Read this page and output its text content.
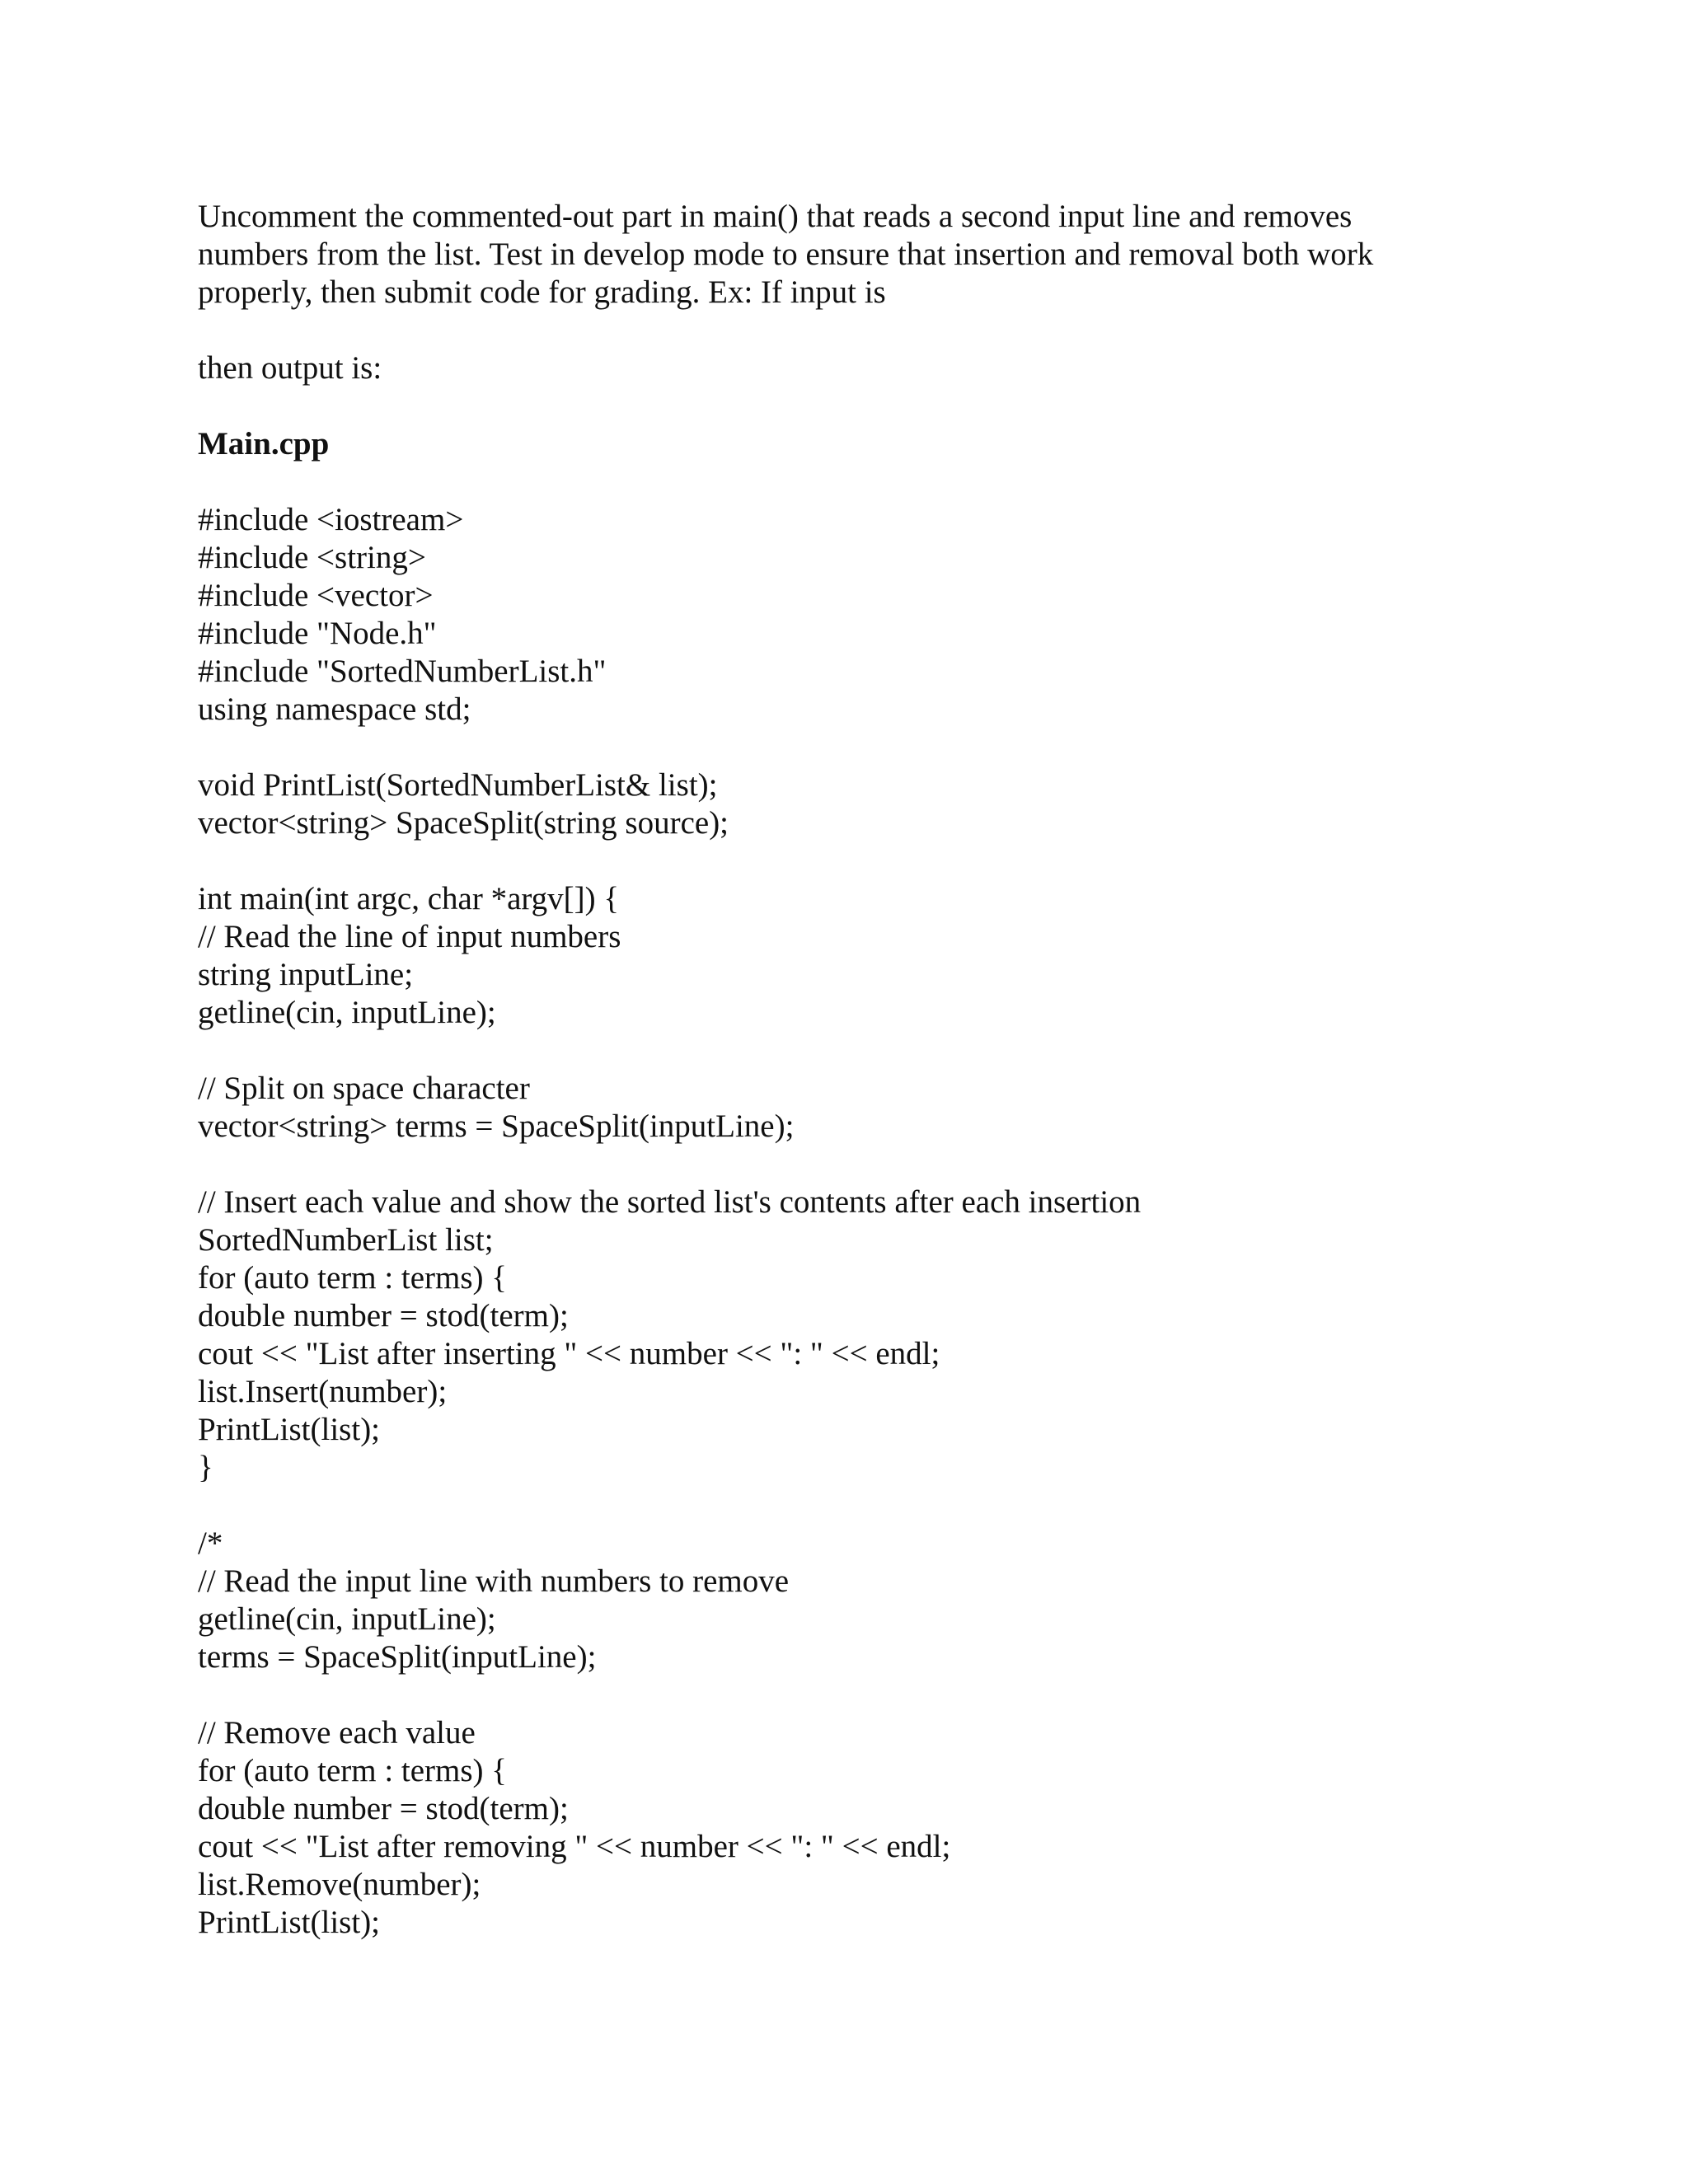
Uncomment the commented-out part in main() that reads a second input line and removes
numbers from the list. Test in develop mode to ensure that insertion and removal both work
properly, then submit code for grading. Ex: If input is
then output is:
Main.cpp
#include <iostream>
#include <string>
#include <vector>
#include "Node.h"
#include "SortedNumberList.h"
using namespace std;
void PrintList(SortedNumberList& list);
vector<string> SpaceSplit(string source);
int main(int argc, char *argv[]) {
// Read the line of input numbers
string inputLine;
getline(cin, inputLine);
// Split on space character
vector<string> terms = SpaceSplit(inputLine);
// Insert each value and show the sorted list's contents after each insertion
SortedNumberList list;
for (auto term : terms) {
double number = stod(term);
cout << "List after inserting " << number << ": " << endl;
list.Insert(number);
PrintList(list);
}
/*
// Read the input line with numbers to remove
getline(cin, inputLine);
terms = SpaceSplit(inputLine);
// Remove each value
for (auto term : terms) {
double number = stod(term);
cout << "List after removing " << number << ": " << endl;
list.Remove(number);
PrintList(list);
